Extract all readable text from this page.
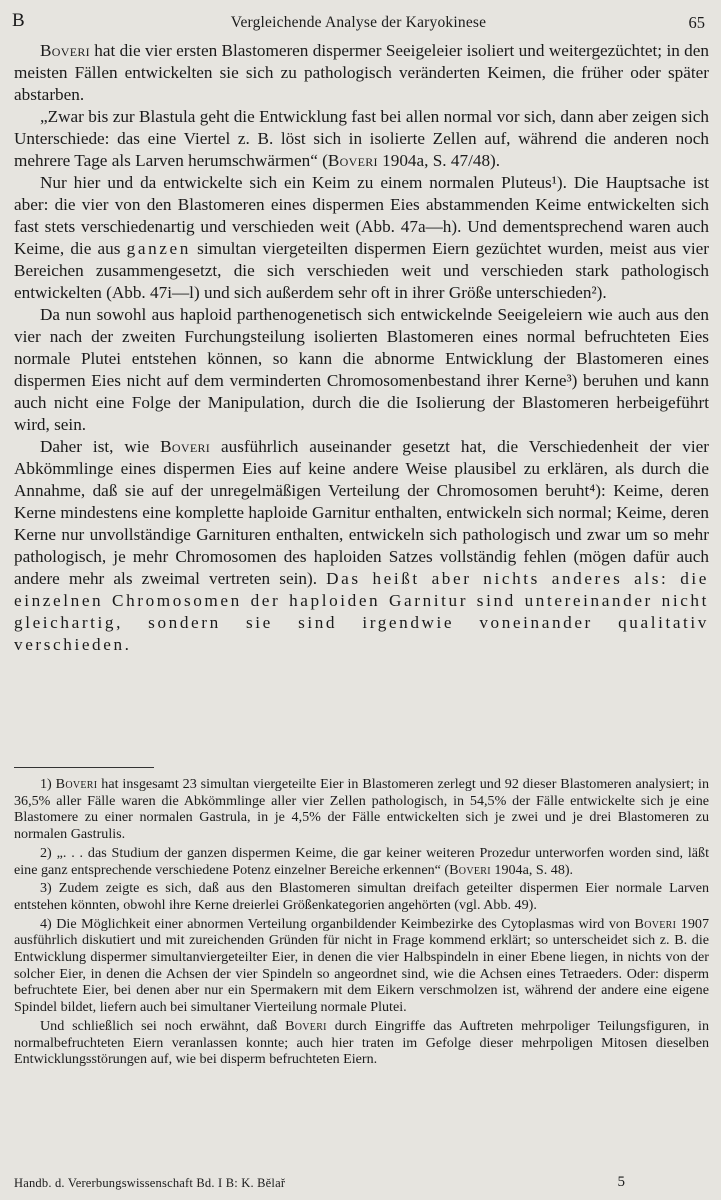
B	Vergleichende Analyse der Karyokinese	65

Boveri hat die vier ersten Blastomeren dispermer Seeigeleier isoliert und weitergezüchtet; in den meisten Fällen entwickelten sie sich zu pathologisch veränderten Keimen, die früher oder später abstarben.

„Zwar bis zur Blastula geht die Entwicklung fast bei allen normal vor sich, dann aber zeigen sich Unterschiede: das eine Viertel z. B. löst sich in isolierte Zellen auf, während die anderen noch mehrere Tage als Larven herumschwärmen“ (Boveri 1904a, S. 47/48).

Nur hier und da entwickelte sich ein Keim zu einem normalen Pluteus¹). Die Hauptsache ist aber: die vier von den Blastomeren eines dispermen Eies abstammenden Keime entwickelten sich fast stets verschiedenartig und verschieden weit (Abb. 47a—h). Und dementsprechend waren auch Keime, die aus ganzen simultan viergeteilten dispermen Eiern gezüchtet wurden, meist aus vier Bereichen zusammengesetzt, die sich verschieden weit und verschieden stark pathologisch entwickelten (Abb. 47i—l) und sich außerdem sehr oft in ihrer Größe unterschieden²).

Da nun sowohl aus haploid parthenogenetisch sich entwickelnde Seeigeleiern wie auch aus den vier nach der zweiten Furchungsteilung isolierten Blastomeren eines normal befruchteten Eies normale Plutei entstehen können, so kann die abnorme Entwicklung der Blastomeren eines dispermen Eies nicht auf dem verminderten Chromosomenbestand ihrer Kerne³) beruhen und kann auch nicht eine Folge der Manipulation, durch die die Isolierung der Blastomeren herbeigeführt wird, sein.

Daher ist, wie Boveri ausführlich auseinander gesetzt hat, die Verschiedenheit der vier Abkömmlinge eines dispermen Eies auf keine andere Weise plausibel zu erklären, als durch die Annahme, daß sie auf der unregelmäßigen Verteilung der Chromosomen beruht⁴): Keime, deren Kerne mindestens eine komplette haploide Garnitur enthalten, entwickeln sich normal; Keime, deren Kerne nur unvollständige Garnituren enthalten, entwickeln sich pathologisch und zwar um so mehr pathologisch, je mehr Chromosomen des haploiden Satzes vollständig fehlen (mögen dafür auch andere mehr als zweimal vertreten sein). Das heißt aber nichts anderes als: die einzelnen Chromosomen der haploiden Garnitur sind untereinander nicht gleichartig, sondern sie sind irgendwie voneinander qualitativ verschieden.

1) Boveri hat insgesamt 23 simultan viergeteilte Eier in Blastomeren zerlegt und 92 dieser Blastomeren analysiert; in 36,5% aller Fälle waren die Abkömmlinge aller vier Zellen pathologisch, in 54,5% der Fälle entwickelte sich je eine Blastomere zu einer normalen Gastrula, in je 4,5% der Fälle entwickelten sich je zwei und je drei Blastomeren zu normalen Gastrulis.

2) „. . . das Studium der ganzen dispermen Keime, die gar keiner weiteren Prozedur unterworfen worden sind, läßt eine ganz entsprechende verschiedene Potenz einzelner Bereiche erkennen“ (Boveri 1904a, S. 48).

3) Zudem zeigte es sich, daß aus den Blastomeren simultan dreifach geteilter dispermen Eier normale Larven entstehen könnten, obwohl ihre Kerne dreierlei Größenkategorien angehörten (vgl. Abb. 49).

4) Die Möglichkeit einer abnormen Verteilung organbildender Keimbezirke des Cytoplasmas wird von Boveri 1907 ausführlich diskutiert und mit zureichenden Gründen für nicht in Frage kommend erklärt; so unterscheidet sich z. B. die Entwicklung dispermer simultanviergeteilter Eier, in denen die vier Halbspindeln in einer Ebene liegen, in nichts von der solcher Eier, in denen die Achsen der vier Spindeln so angeordnet sind, wie die Achsen eines Tetraeders. Oder: disperm befruchtete Eier, bei denen aber nur ein Spermakern mit dem Eikern verschmolzen ist, während der andere eine eigene Spindel bildet, liefern auch bei simultaner Vierteilung normale Plutei.

Und schließlich sei noch erwähnt, daß Boveri durch Eingriffe das Auftreten mehrpoliger Teilungsfiguren, in normalbefruchteten Eiern veranlassen konnte; auch hier traten im Gefolge dieser mehrpoligen Mitosen dieselben Entwicklungsstörungen auf, wie bei disperm befruchteten Eiern.

Handb. d. Vererbungswissenschaft Bd. I B: K. Bělař	5
